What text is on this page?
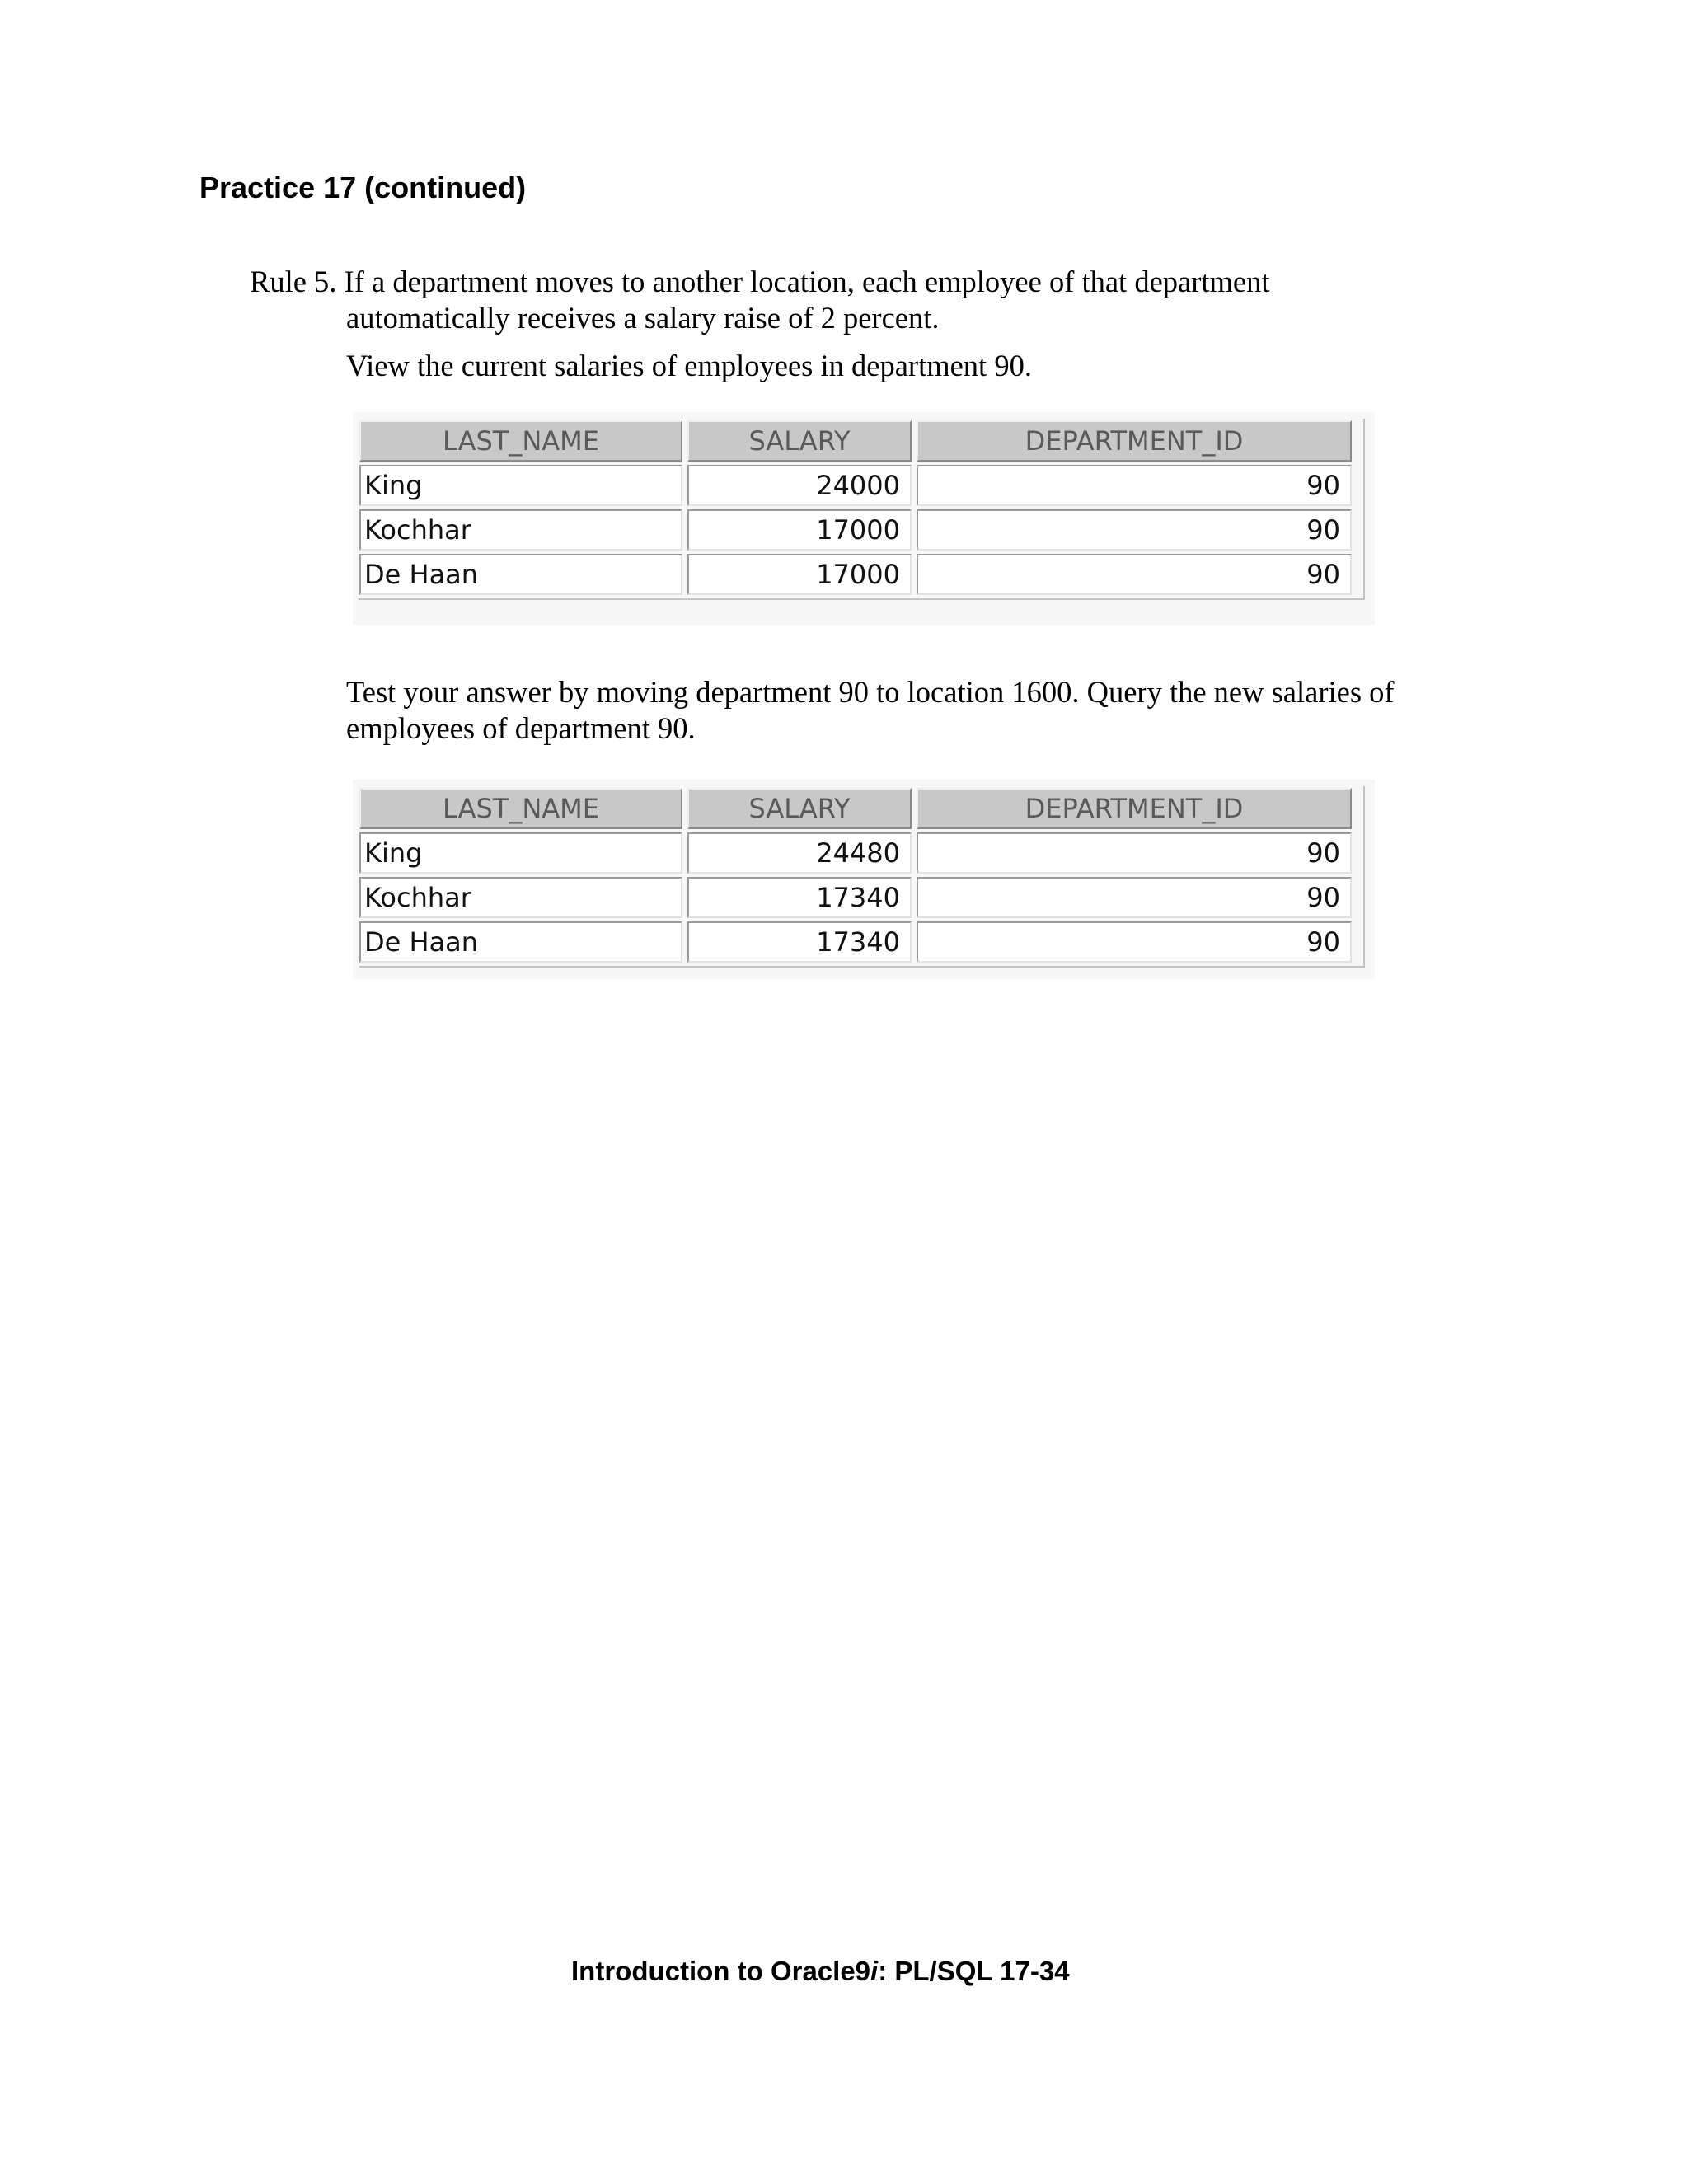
Practice 17 (continued)
Rule 5. If a department moves to another location, each employee of that department
automatically receives a salary raise of 2 percent.
View the current salaries of employees in department 90.
LAST_NAME	SALARY	DEPARTMENT_ID
King	24000	90
Kochhar	17000	90
De Haan	17000	90
Test your answer by moving department 90 to location 1600. Query the new salaries of
employees of department 90.
LAST_NAME	SALARY	DEPARTMENT_ID
King	24480	90
Kochhar	17340	90
De Haan	17340	90
Introduction to Oracle9i: PL/SQL 17-34
